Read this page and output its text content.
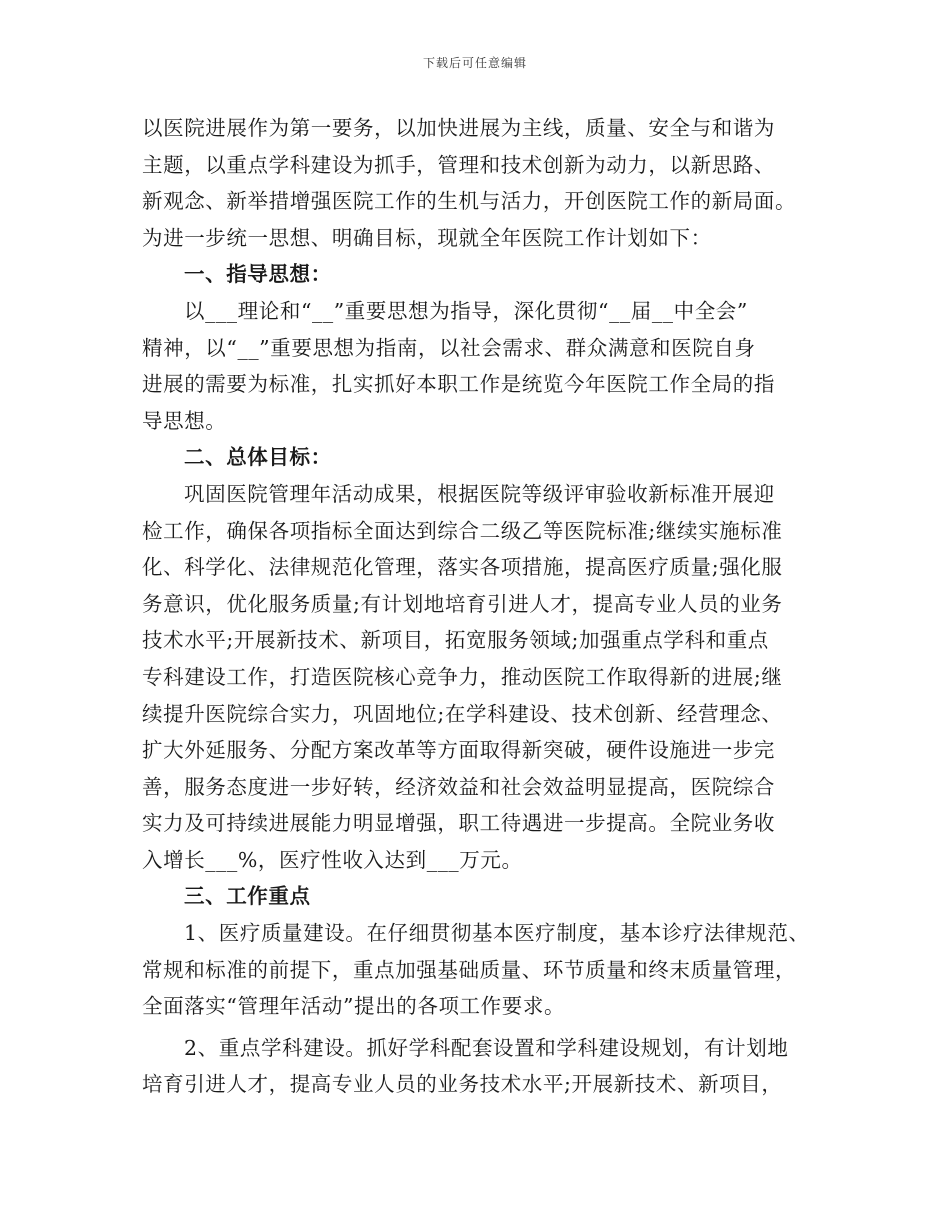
下载后可任意编辑
以医院进展作为第一要务，以加快进展为主线，质量、安全与和谐为
主题，以重点学科建设为抓手，管理和技术创新为动力，以新思路、
新观念、新举措增强医院工作的生机与活力，开创医院工作的新局面。
为进一步统一思想、明确目标，现就全年医院工作计划如下：
一、指导思想：
以___理论和“__”重要思想为指导，深化贯彻“__届__中全会”
精神，以“__”重要思想为指南，以社会需求、群众满意和医院自身
进展的需要为标准，扎实抓好本职工作是统览今年医院工作全局的指
导思想。
二、总体目标：
巩固医院管理年活动成果，根据医院等级评审验收新标准开展迎
检工作，确保各项指标全面达到综合二级乙等医院标准;继续实施标准
化、科学化、法律规范化管理，落实各项措施，提高医疗质量;强化服
务意识，优化服务质量;有计划地培育引进人才，提高专业人员的业务
技术水平;开展新技术、新项目，拓宽服务领域;加强重点学科和重点
专科建设工作，打造医院核心竞争力，推动医院工作取得新的进展;继
续提升医院综合实力，巩固地位;在学科建设、技术创新、经营理念、
扩大外延服务、分配方案改革等方面取得新突破，硬件设施进一步完
善，服务态度进一步好转，经济效益和社会效益明显提高，医院综合
实力及可持续进展能力明显增强，职工待遇进一步提高。全院业务收
入增长___%，医疗性收入达到___万元。
三、工作重点
1、医疗质量建设。在仔细贯彻基本医疗制度，基本诊疗法律规范、
常规和标准的前提下，重点加强基础质量、环节质量和终末质量管理，
全面落实“管理年活动”提出的各项工作要求。
2、重点学科建设。抓好学科配套设置和学科建设规划，有计划地
培育引进人才，提高专业人员的业务技术水平;开展新技术、新项目，
